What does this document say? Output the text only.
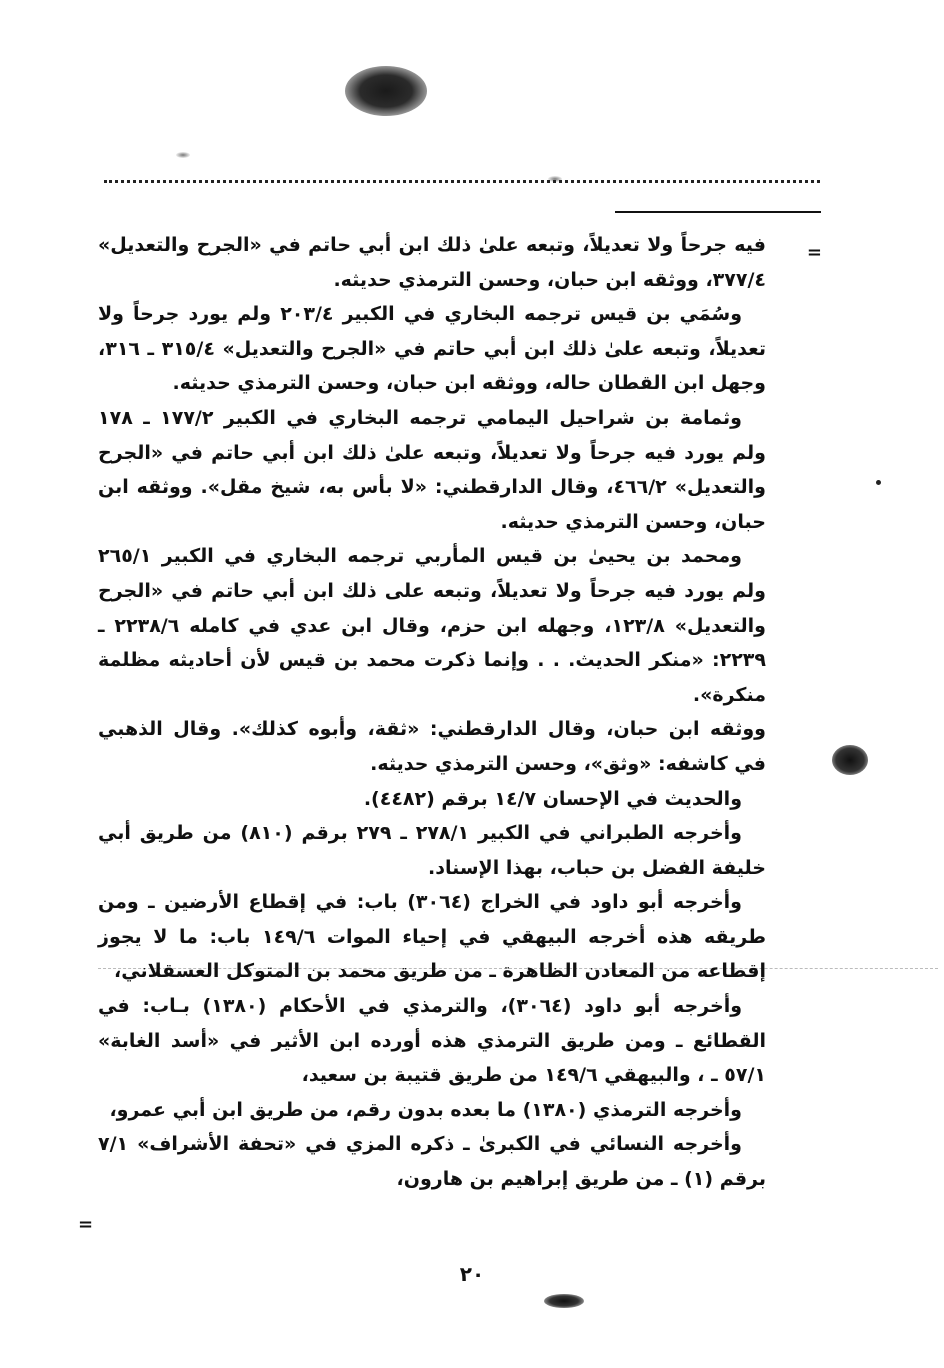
=

فيه جرحاً ولا تعديلاً، وتبعه علىٰ ذلك ابن أبي حاتم في «الجرح والتعديل» ٣٧٧/٤، ووثقه ابن حبان، وحسن الترمذي حديثه.

وسُمَي بن قيس ترجمه البخاري في الكبير ٢٠٣/٤ ولم يورد جرحاً ولا تعديلاً، وتبعه علىٰ ذلك ابن أبي حاتم في «الجرح والتعديل» ٣١٥/٤ ـ ٣١٦، وجهل ابن القطان حاله، ووثقه ابن حبان، وحسن الترمذي حديثه.

وثمامة بن شراحيل اليمامي ترجمه البخاري في الكبير ١٧٧/٢ ـ ١٧٨ ولم يورد فيه جرحاً ولا تعديلاً، وتبعه علىٰ ذلك ابن أبي حاتم في «الجرح والتعديل» ٤٦٦/٢، وقال الدارقطني: «لا بأس به، شيخ مقل». ووثقه ابن حبان، وحسن الترمذي حديثه.

ومحمد بن يحيىٰ بن قيس المأربي ترجمه البخاري في الكبير ٢٦٥/١ ولم يورد فيه جرحاً ولا تعديلاً، وتبعه على ذلك ابن أبي حاتم في «الجرح والتعديل» ١٢٣/٨، وجهله ابن حزم، وقال ابن عدي في كامله ٢٢٣٨/٦ ـ ٢٢٣٩: «منكر الحديث. . . وإنما ذكرت محمد بن قيس لأن أحاديثه مظلمة منكرة».

ووثقه ابن حبان، وقال الدارقطني: «ثقة، وأبوه كذلك». وقال الذهبي في كاشفه: «وثق»، وحسن الترمذي حديثه.

والحديث في الإحسان ١٤/٧ برقم (٤٤٨٢).

وأخرجه الطبراني في الكبير ٢٧٨/١ ـ ٢٧٩ برقم (٨١٠) من طريق أبي خليفة الفضل بن حباب، بهذا الإسناد.

وأخرجه أبو داود في الخراج (٣٠٦٤) باب: في إقطاع الأرضين ـ ومن طريقه هذه أخرجه البيهقي في إحياء الموات ١٤٩/٦ باب: ما لا يجوز إقطاعه من المعادن الظاهرة ـ من طريق محمد بن المتوكل العسقلاني،

وأخرجه أبو داود (٣٠٦٤)، والترمذي في الأحكام (١٣٨٠) بـاب: في القطائع ـ ومن طريق الترمذي هذه أورده ابن الأثير في «أسد الغابة» ٥٧/١ ـ ، والبيهقي ١٤٩/٦ من طريق قتيبة بن سعيد،

وأخرجه الترمذي (١٣٨٠) ما بعده بدون رقم، من طريق ابن أبي عمرو،

وأخرجه النسائي في الكبرىٰ ـ ذكره المزي في «تحفة الأشراف» ٧/١ برقم (١) ـ من طريق إبراهيم بن هارون،

=
٢٠
